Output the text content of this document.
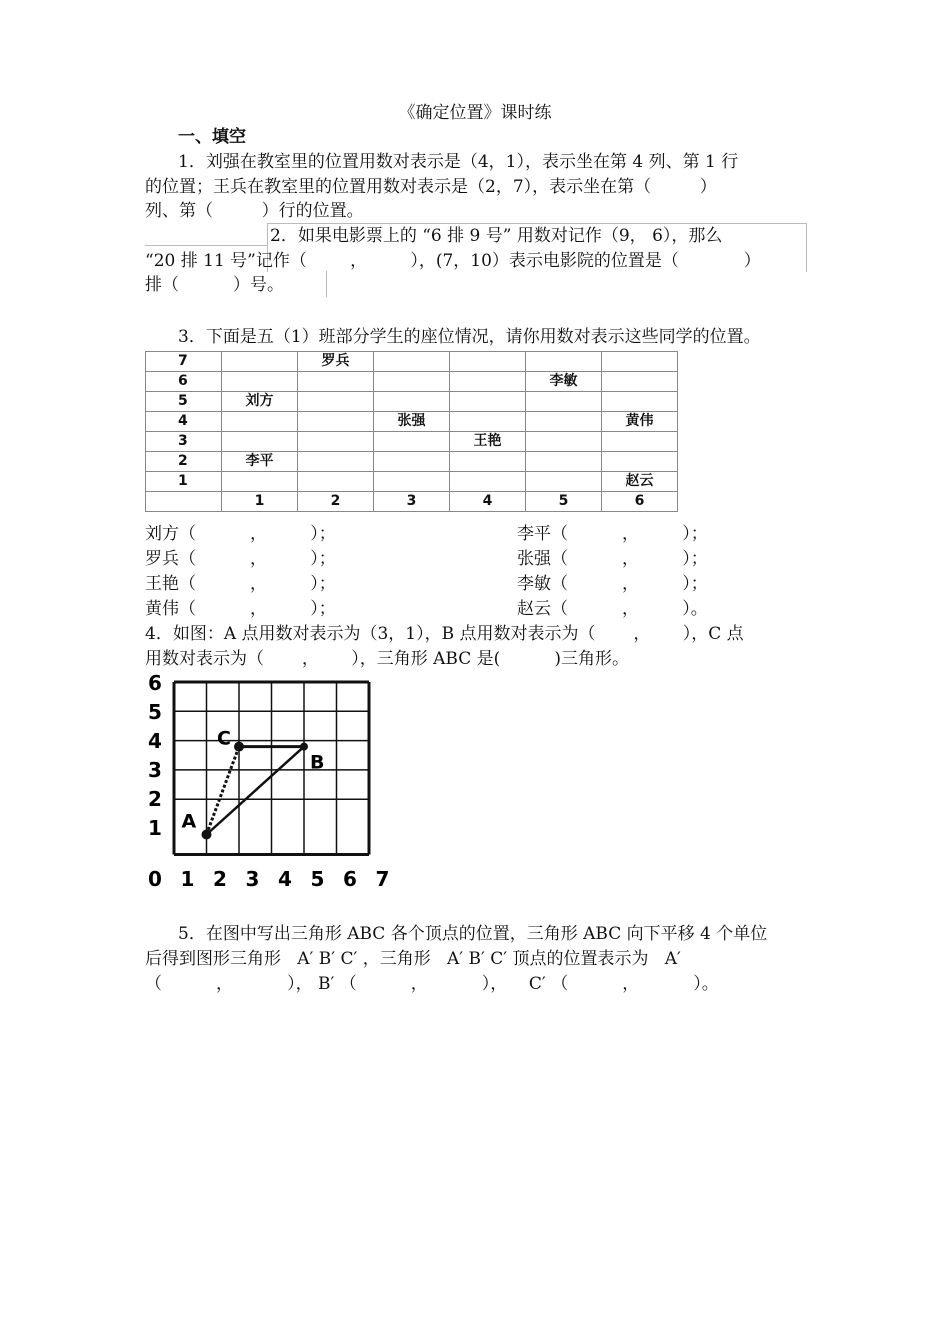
《确定位置》课时练
一、填空
1．刘强在教室里的位置用数对表示是（4，1），表示坐在第 4 列、第 1 行
的位置；王兵在教室里的位置用数对表示是（2，7），表示坐在第（         ）
列、第（         ）行的位置。
2．如果电影票上的 “6 排 9 号” 用数对记作（9， 6），那么
“20 排 11 号”记作（        ，        ），(7，10）表示电影院的位置是（            ）
排（          ）号。
3．下面是五（1）班部分学生的座位情况，请你用数对表示这些同学的位置。
7		罗兵				
6					李敏	
5	刘方					
4			张强			黄伟
3				王艳		
2	李平					
1						赵云
	1	2	3	4	5	6
刘方（          ，        ）；	李平（          ，        ）；
罗兵（          ，        ）；	张强（          ，        ）；
王艳（          ，        ）；	李敏（          ，        ）；
黄伟（          ，        ）；	赵云（          ，        ）。
4．如图：A 点用数对表示为（3，1），B 点用数对表示为（       ，      ），C 点
用数对表示为（       ，      ），三角形 ABC 是(          )三角形。
A
B
C
6
5
4
3
2
1
0 1 2 3 4 5 6 7
5．在图中写出三角形 ABC 各个顶点的位置，三角形 ABC 向下平移 4 个单位
后得到图形三角形   A′ B′ C′ ，三角形   A′ B′ C′ 顶点的位置表示为   A′
（          ，          ）， B′ （          ，          ），    C′ （          ，          ）。
